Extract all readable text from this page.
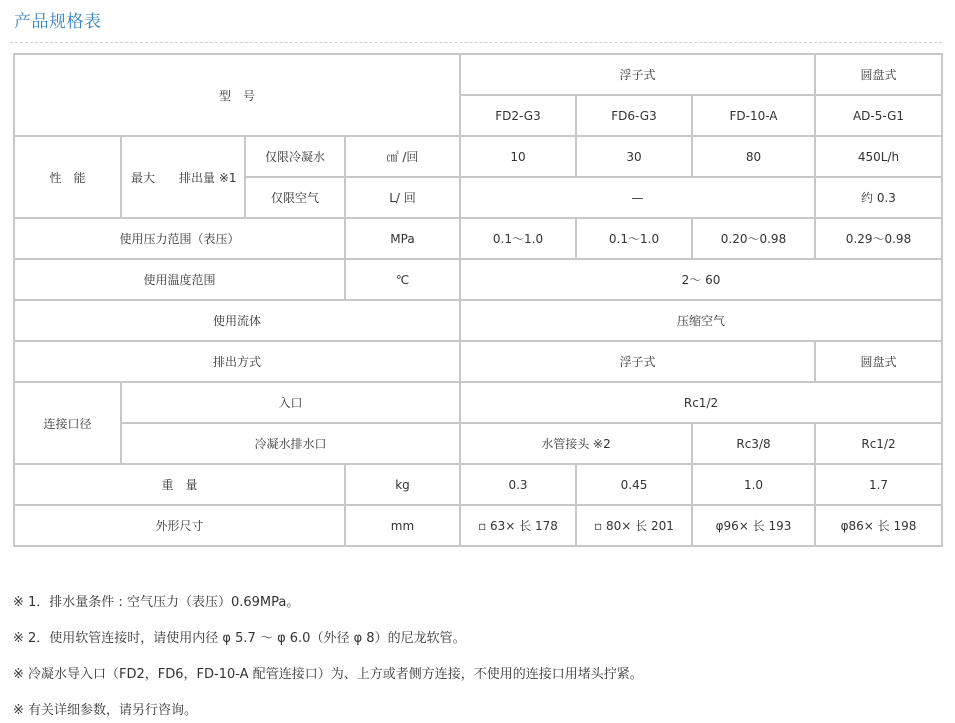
产品规格表
型　号				浮子式			圆盘式
				FD2-G3	FD6-G3	FD-10-A	AD-5-G1
性　能	最大　　排出量 ※1	仅限冷凝水	㎤ /回	10	30	80	450L/h
		仅限空气	L/ 回	—			约 0.3
使用压力范围（表压）			MPa	0.1～1.0	0.1～1.0	0.20～0.98	0.29～0.98
使用温度范围			℃	2～ 60			
使用流体				压缩空气			
排出方式				浮子式			圆盘式
连接口径	入口			Rc1/2			
	冷凝水排水口			水管接头 ※2		Rc3/8	Rc1/2
重　量			kg	0.3	0.45	1.0	1.7
外形尺寸			mm	▫ 63× 长 178	▫ 80× 长 201	φ96× 长 193	φ86× 长 198
※ 1．排水量条件 : 空气压力（表压）0.69MPa。
※ 2．使用软管连接时，请使用内径 φ 5.7 ～ φ 6.0（外径 φ 8）的尼龙软管。
※ 冷凝水导入口（FD2，FD6，FD-10-A 配管连接口）为、上方或者侧方连接，不使用的连接口用堵头拧紧。
※ 有关详细参数，请另行咨询。
